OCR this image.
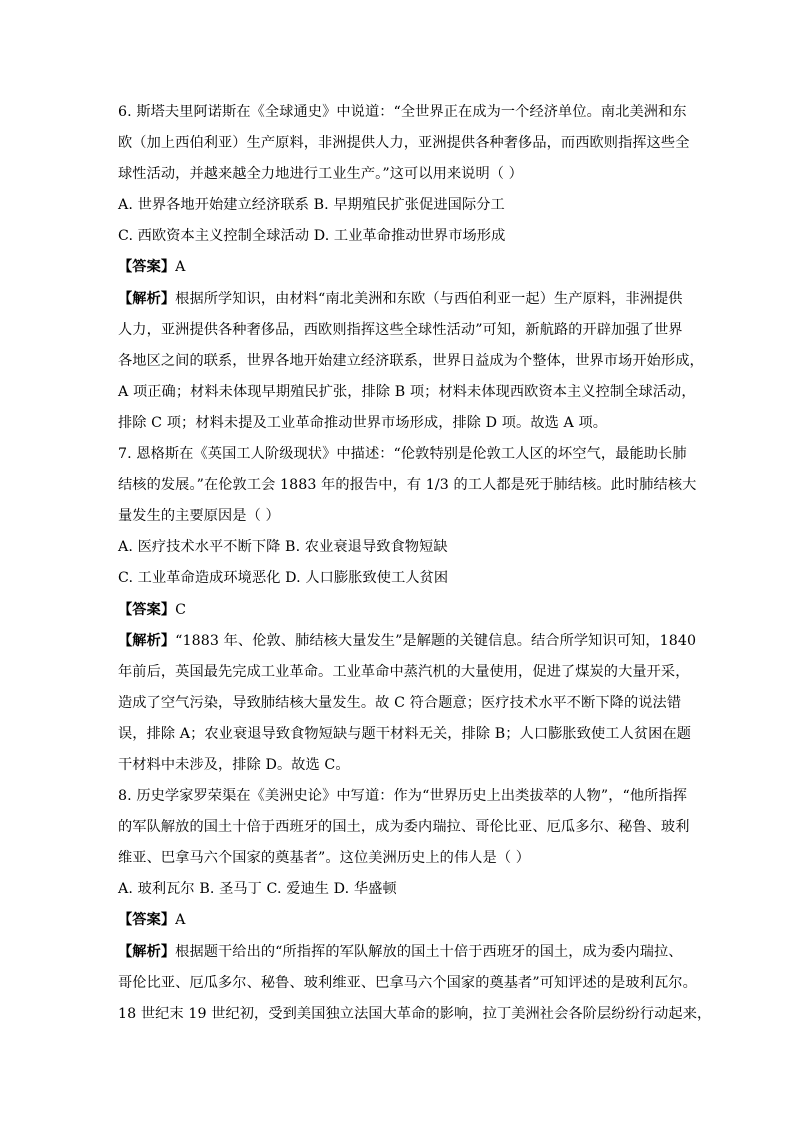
6. 斯塔夫里阿诺斯在《全球通史》中说道：“全世界正在成为一个经济单位。南北美洲和东
欧（加上西伯利亚）生产原料，非洲提供人力，亚洲提供各种奢侈品，而西欧则指挥这些全
球性活动，并越来越全力地进行工业生产。”这可以用来说明（ ）
A. 世界各地开始建立经济联系 B. 早期殖民扩张促进国际分工
C. 西欧资本主义控制全球活动 D. 工业革命推动世界市场形成
【答案】A
【解析】根据所学知识，由材料“南北美洲和东欧（与西伯利亚一起）生产原料，非洲提供
人力，亚洲提供各种奢侈品，西欧则指挥这些全球性活动”可知，新航路的开辟加强了世界
各地区之间的联系，世界各地开始建立经济联系，世界日益成为个整体，世界市场开始形成，
A 项正确；材料未体现早期殖民扩张，排除 B 项；材料未体现西欧资本主义控制全球活动，
排除 C 项；材料未提及工业革命推动世界市场形成，排除 D 项。故选 A 项。
7. 恩格斯在《英国工人阶级现状》中描述：“伦敦特别是伦敦工人区的坏空气，最能助长肺
结核的发展。”在伦敦工会 1883 年的报告中，有 1/3 的工人都是死于肺结核。此时肺结核大
量发生的主要原因是（ ）
A. 医疗技术水平不断下降 B. 农业衰退导致食物短缺
C. 工业革命造成环境恶化 D. 人口膨胀致使工人贫困
【答案】C
【解析】“1883 年、伦敦、肺结核大量发生”是解题的关键信息。结合所学知识可知，1840
年前后，英国最先完成工业革命。工业革命中蒸汽机的大量使用，促进了煤炭的大量开采，
造成了空气污染，导致肺结核大量发生。故 C 符合题意；医疗技术水平不断下降的说法错
误，排除 A；农业衰退导致食物短缺与题干材料无关，排除 B；人口膨胀致使工人贫困在题
干材料中未涉及，排除 D。故选 C。
8. 历史学家罗荣渠在《美洲史论》中写道：作为“世界历史上出类拔萃的人物”，“他所指挥
的军队解放的国土十倍于西班牙的国土，成为委内瑞拉、哥伦比亚、厄瓜多尔、秘鲁、玻利
维亚、巴拿马六个国家的奠基者”。这位美洲历史上的伟人是（ ）
A. 玻利瓦尔 B. 圣马丁 C. 爱迪生 D. 华盛顿
【答案】A
【解析】根据题干给出的“所指挥的军队解放的国土十倍于西班牙的国土，成为委内瑞拉、
哥伦比亚、厄瓜多尔、秘鲁、玻利维亚、巴拿马六个国家的奠基者”可知评述的是玻利瓦尔。
18 世纪末 19 世纪初，受到美国独立法国大革命的影响，拉丁美洲社会各阶层纷纷行动起来，
